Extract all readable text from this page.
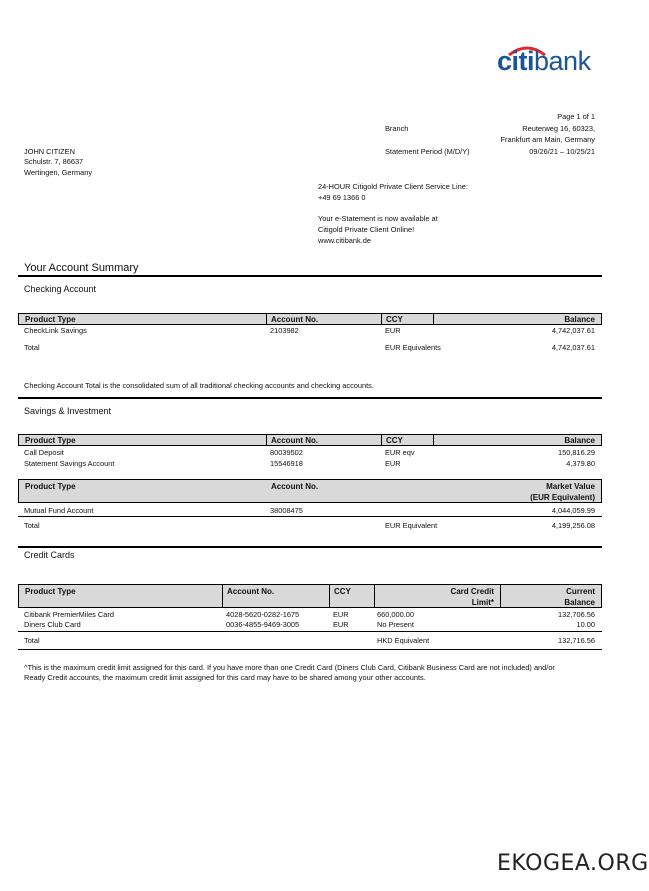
citibank
Page 1 of 1
Branch	Reuterweg 16, 60323,
Frankfurt am Main, Germany
Statement Period (M/D/Y)	09/26/21 – 10/25/21
JOHN CITIZEN
Schulstr. 7, 86637
Wertingen, Germany
24-HOUR Citigold Private Client Service Line:
+49 69 1366 0
Your e-Statement is now available at
Citigold Private Client Online!
www.citibank.de
Your Account Summary
Checking Account
Product Type	Account No.	CCY	Balance
CheckLink Savings	2103982	EUR	4,742,037.61
Total	EUR Equivalents	4,742,037.61
Checking Account Total is the consolidated sum of all traditional checking accounts and checking accounts.
Savings & Investment
Product Type	Account No.	CCY	Balance
Call Deposit	80039502	EUR eqv	150,816.29
Statement Savings Account	15546918	EUR	4,379.80
Product Type	Account No.	Market Value
(EUR Equivalent)
Mutual Fund Account	38008475	4,044,059.99
Total	EUR Equivalent	4,199,256.08
Credit Cards
Product Type	Account No.	CCY	Card Credit
Limit*
Current
Balance
Citibank PremierMiles Card	4028-5620-0282-1675	EUR	660,000.00	132,706.56
Diners Club Card	0036-4855-9469-3005	EUR	No Present	10.00
Total	HKD Equivalent	132,716.56
^This is the maximum credit limit assigned for this card. If you have more than one Credit Card (Diners Club Card, Citibank Business Card are not included) and/or
Ready Credit accounts, the maximum credit limit assigned for this card may have to be shared among your other accounts.
EKOGEA.ORG
